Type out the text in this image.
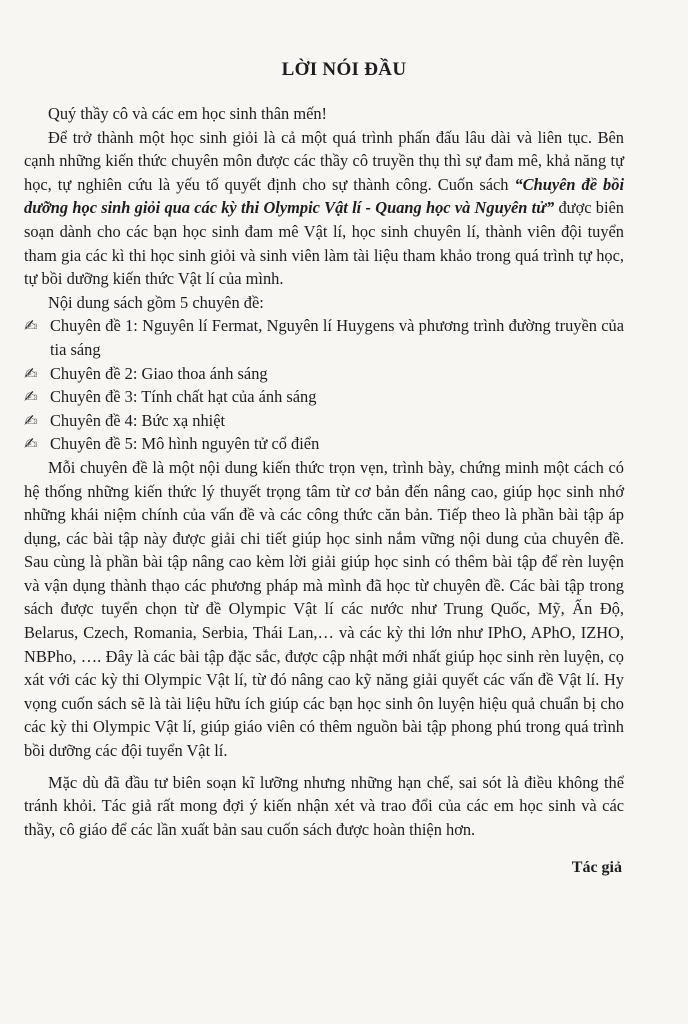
LỜI NÓI ĐẦU

Quý thầy cô và các em học sinh thân mến!

Để trở thành một học sinh giỏi là cả một quá trình phấn đấu lâu dài và liên tục. Bên cạnh những kiến thức chuyên môn được các thầy cô truyền thụ thì sự đam mê, khả năng tự học, tự nghiên cứu là yếu tố quyết định cho sự thành công. Cuốn sách “Chuyên đề bồi dưỡng học sinh giỏi qua các kỳ thi Olympic Vật lí - Quang học và Nguyên tử” được biên soạn dành cho các bạn học sinh đam mê Vật lí, học sinh chuyên lí, thành viên đội tuyển tham gia các kì thi học sinh giỏi và sinh viên làm tài liệu tham khảo trong quá trình tự học, tự bồi dưỡng kiến thức Vật lí của mình.

Nội dung sách gồm 5 chuyên đề:

✍ Chuyên đề 1: Nguyên lí Fermat, Nguyên lí Huygens và phương trình đường truyền của tia sáng
✍ Chuyên đề 2: Giao thoa ánh sáng
✍ Chuyên đề 3: Tính chất hạt của ánh sáng
✍ Chuyên đề 4: Bức xạ nhiệt
✍ Chuyên đề 5: Mô hình nguyên tử cổ điển

Mỗi chuyên đề là một nội dung kiến thức trọn vẹn, trình bày, chứng minh một cách có hệ thống những kiến thức lý thuyết trọng tâm từ cơ bản đến nâng cao, giúp học sinh nhớ những khái niệm chính của vấn đề và các công thức căn bản. Tiếp theo là phần bài tập áp dụng, các bài tập này được giải chi tiết giúp học sinh nắm vững nội dung của chuyên đề. Sau cùng là phần bài tập nâng cao kèm lời giải giúp học sinh có thêm bài tập để rèn luyện và vận dụng thành thạo các phương pháp mà mình đã học từ chuyên đề. Các bài tập trong sách được tuyển chọn từ đề Olympic Vật lí các nước như Trung Quốc, Mỹ, Ấn Độ, Belarus, Czech, Romania, Serbia, Thái Lan,… và các kỳ thi lớn như IPhO, APhO, IZHO, NBPho, …. Đây là các bài tập đặc sắc, được cập nhật mới nhất giúp học sinh rèn luyện, cọ xát với các kỳ thi Olympic Vật lí, từ đó nâng cao kỹ năng giải quyết các vấn đề Vật lí. Hy vọng cuốn sách sẽ là tài liệu hữu ích giúp các bạn học sinh ôn luyện hiệu quả chuẩn bị cho các kỳ thi Olympic Vật lí, giúp giáo viên có thêm nguồn bài tập phong phú trong quá trình bồi dưỡng các đội tuyển Vật lí.

Mặc dù đã đầu tư biên soạn kĩ lưỡng nhưng những hạn chế, sai sót là điều không thể tránh khỏi. Tác giả rất mong đợi ý kiến nhận xét và trao đổi của các em học sinh và các thầy, cô giáo để các lần xuất bản sau cuốn sách được hoàn thiện hơn.

Tác giả
